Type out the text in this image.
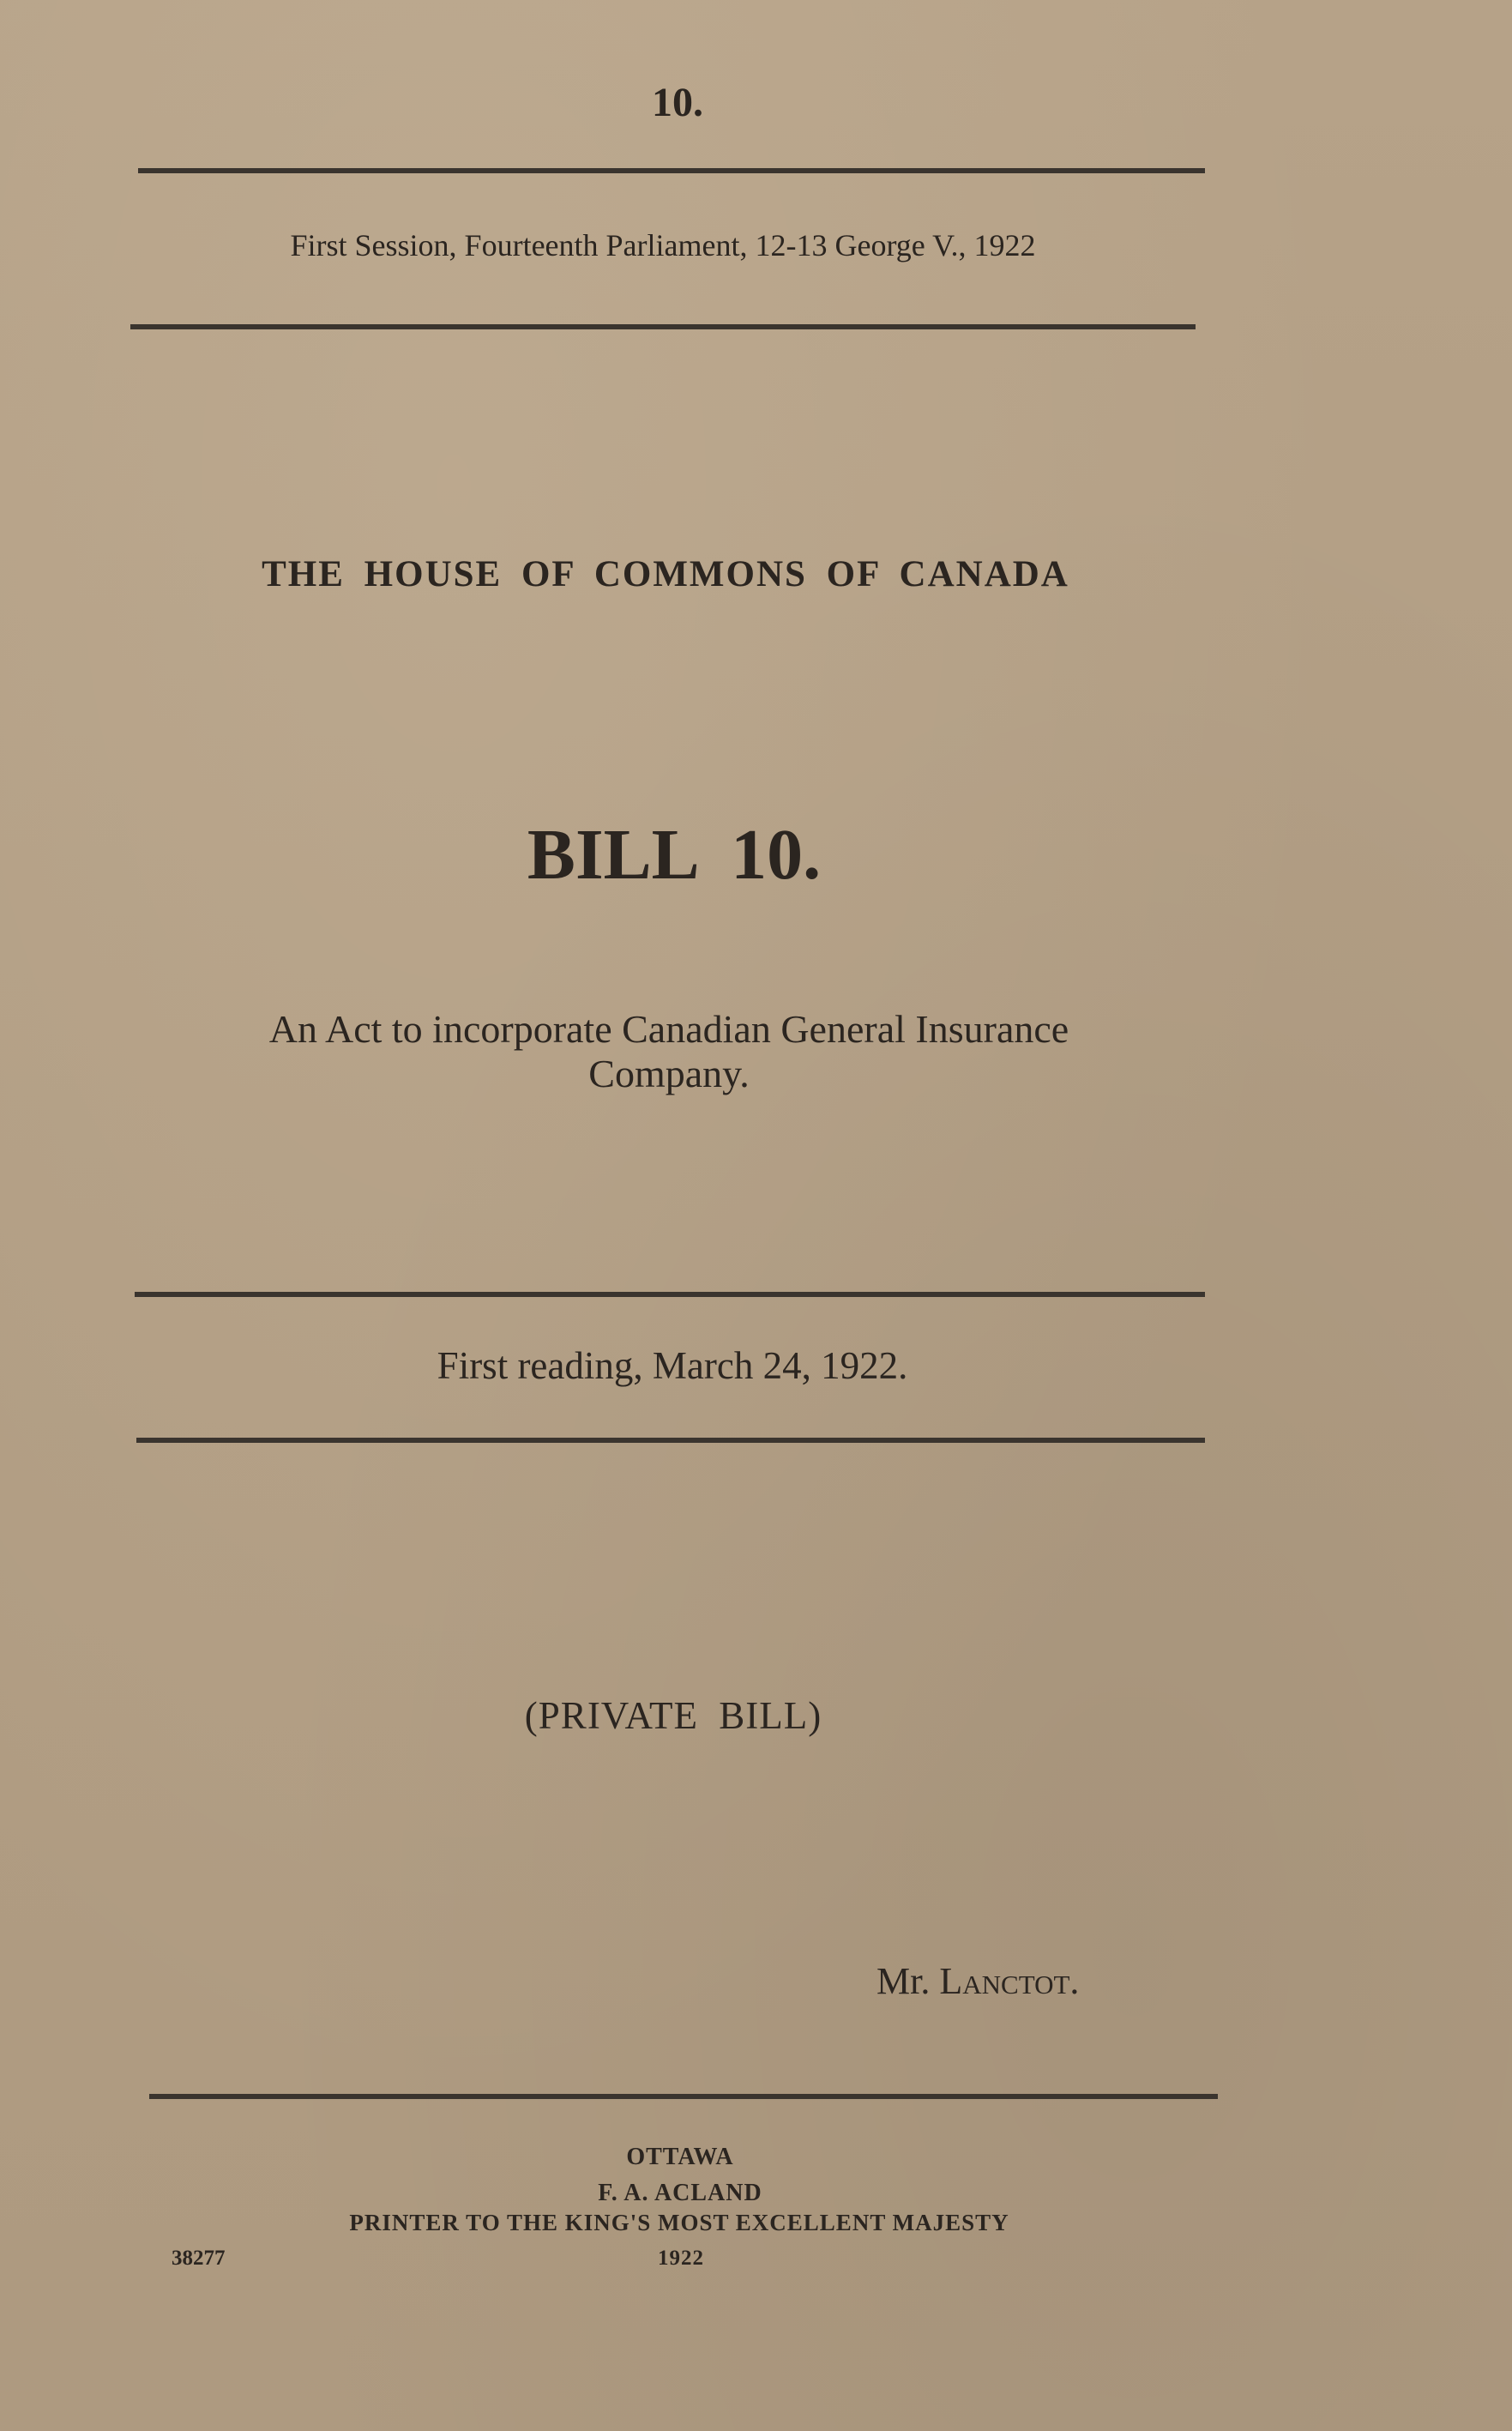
10.
First Session, Fourteenth Parliament, 12-13 George V., 1922
THE HOUSE OF COMMONS OF CANADA
BILL 10.
An Act to incorporate Canadian General Insurance
Company.
First reading, March 24, 1922.
(PRIVATE BILL)
Mr. Lanctot.
OTTAWA
F. A. ACLAND
PRINTER TO THE KING'S MOST EXCELLENT MAJESTY
1922
38277
